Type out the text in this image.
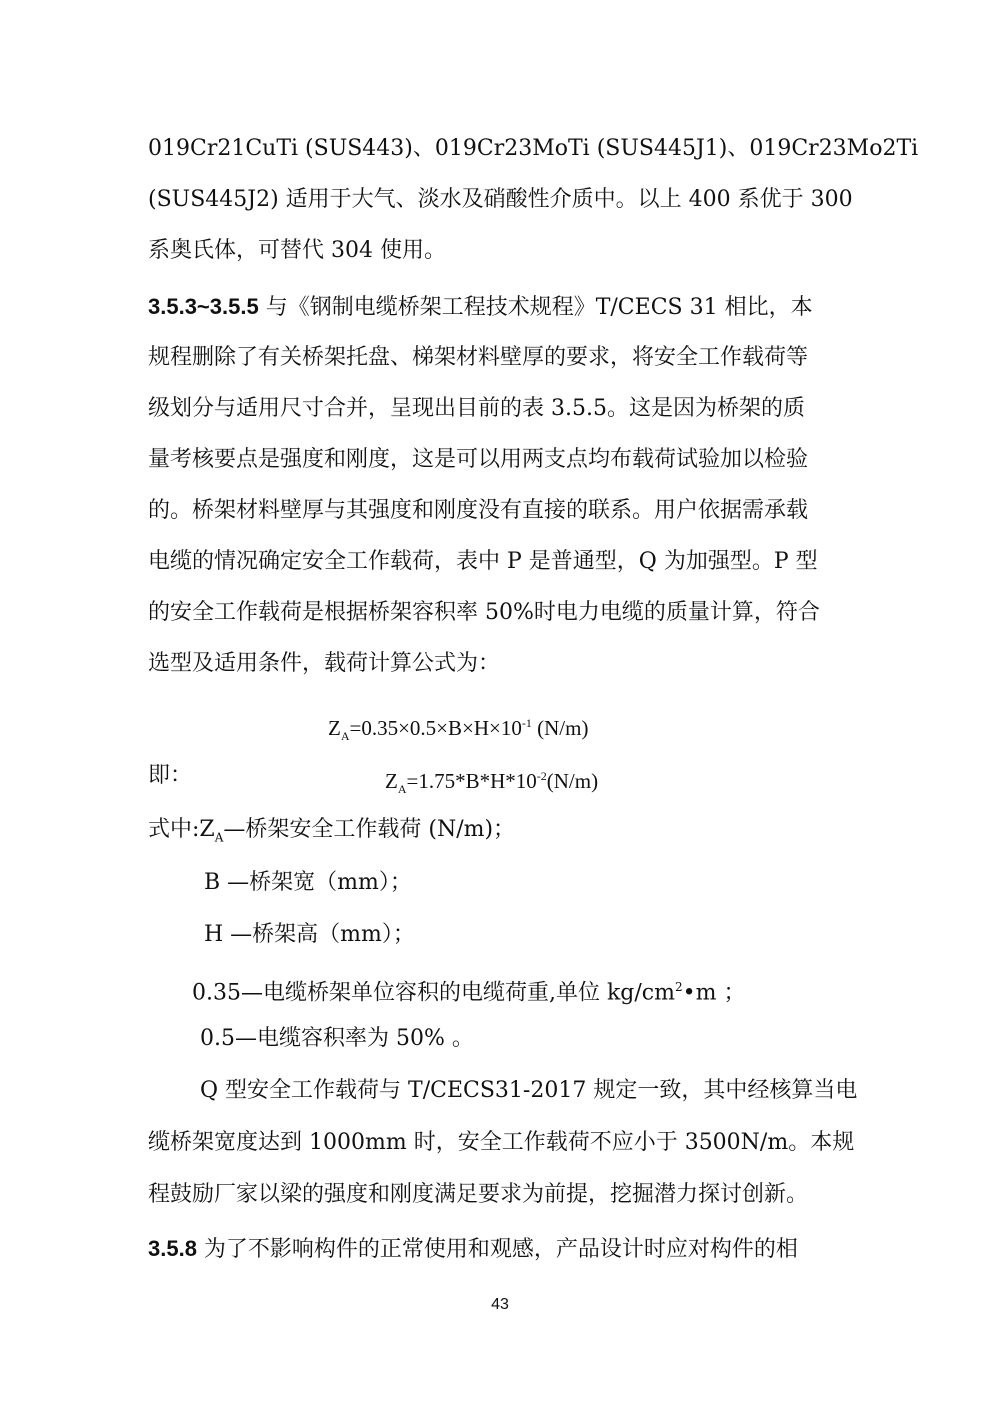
019Cr21CuTi (SUS443)、019Cr23MoTi (SUS445J1)、019Cr23Mo2Ti
(SUS445J2) 适用于大气、淡水及硝酸性介质中。以上 400 系优于 300
系奥氏体，可替代 304 使用。
3.5.3~3.5.5 与《钢制电缆桥架工程技术规程》T/CECS 31 相比，本
规程删除了有关桥架托盘、梯架材料壁厚的要求，将安全工作载荷等
级划分与适用尺寸合并，呈现出目前的表 3.5.5。这是因为桥架的质
量考核要点是强度和刚度，这是可以用两支点均布载荷试验加以检验
的。桥架材料壁厚与其强度和刚度没有直接的联系。用户依据需承载
电缆的情况确定安全工作载荷，表中 P 是普通型，Q 为加强型。P 型
的安全工作载荷是根据桥架容积率 50%时电力电缆的质量计算，符合
选型及适用条件，载荷计算公式为：
$Z_A=0.35\times 0.5\times B\times H\times 10^{-1}$ (N/m)
即：	$Z_A=1.75*B*H*10^{-2}(N/m)$
式中$:Z_A—$桥架安全工作载荷 (N/m)；
B —桥架宽（mm）；
H —桥架高（mm）；
0.35—电缆桥架单位容积的电缆荷重,单位 $kg/cm^2•m$ ；
0.5—电缆容积率为 50% 。
Q 型安全工作载荷与 T/CECS31-2017 规定一致，其中经核算当电
缆桥架宽度达到 1000mm 时，安全工作载荷不应小于 3500N/m。本规
程鼓励厂家以梁的强度和刚度满足要求为前提，挖掘潜力探讨创新。
3.5.8 为了不影响构件的正常使用和观感，产品设计时应对构件的相
43
